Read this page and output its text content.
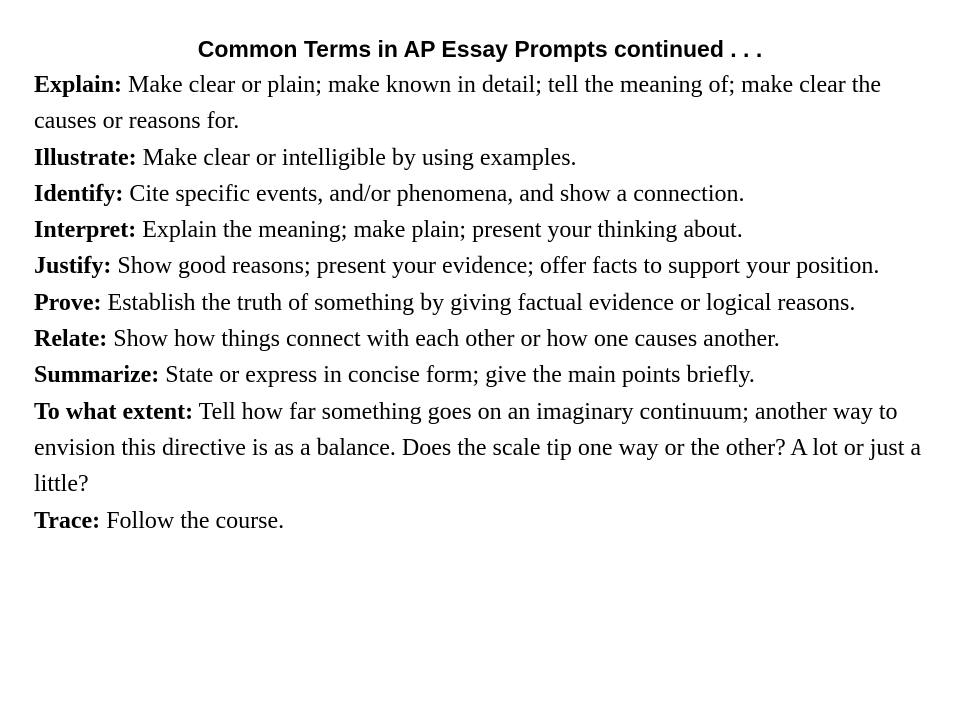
Common Terms in AP Essay Prompts continued . . .
Explain: Make clear or plain; make known in detail; tell the meaning of; make clear the causes or reasons for.
Illustrate: Make clear or intelligible by using examples.
Identify: Cite specific events, and/or phenomena, and show a connection.
Interpret: Explain the meaning; make plain; present your thinking about.
Justify: Show good reasons; present your evidence; offer facts to support your position.
Prove: Establish the truth of something by giving factual evidence or logical reasons.
Relate: Show how things connect with each other or how one causes another.
Summarize: State or express in concise form; give the main points briefly.
To what extent: Tell how far something goes on an imaginary continuum; another way to envision this directive is as a balance. Does the scale tip one way or the other? A lot or just a little?
Trace: Follow the course.
